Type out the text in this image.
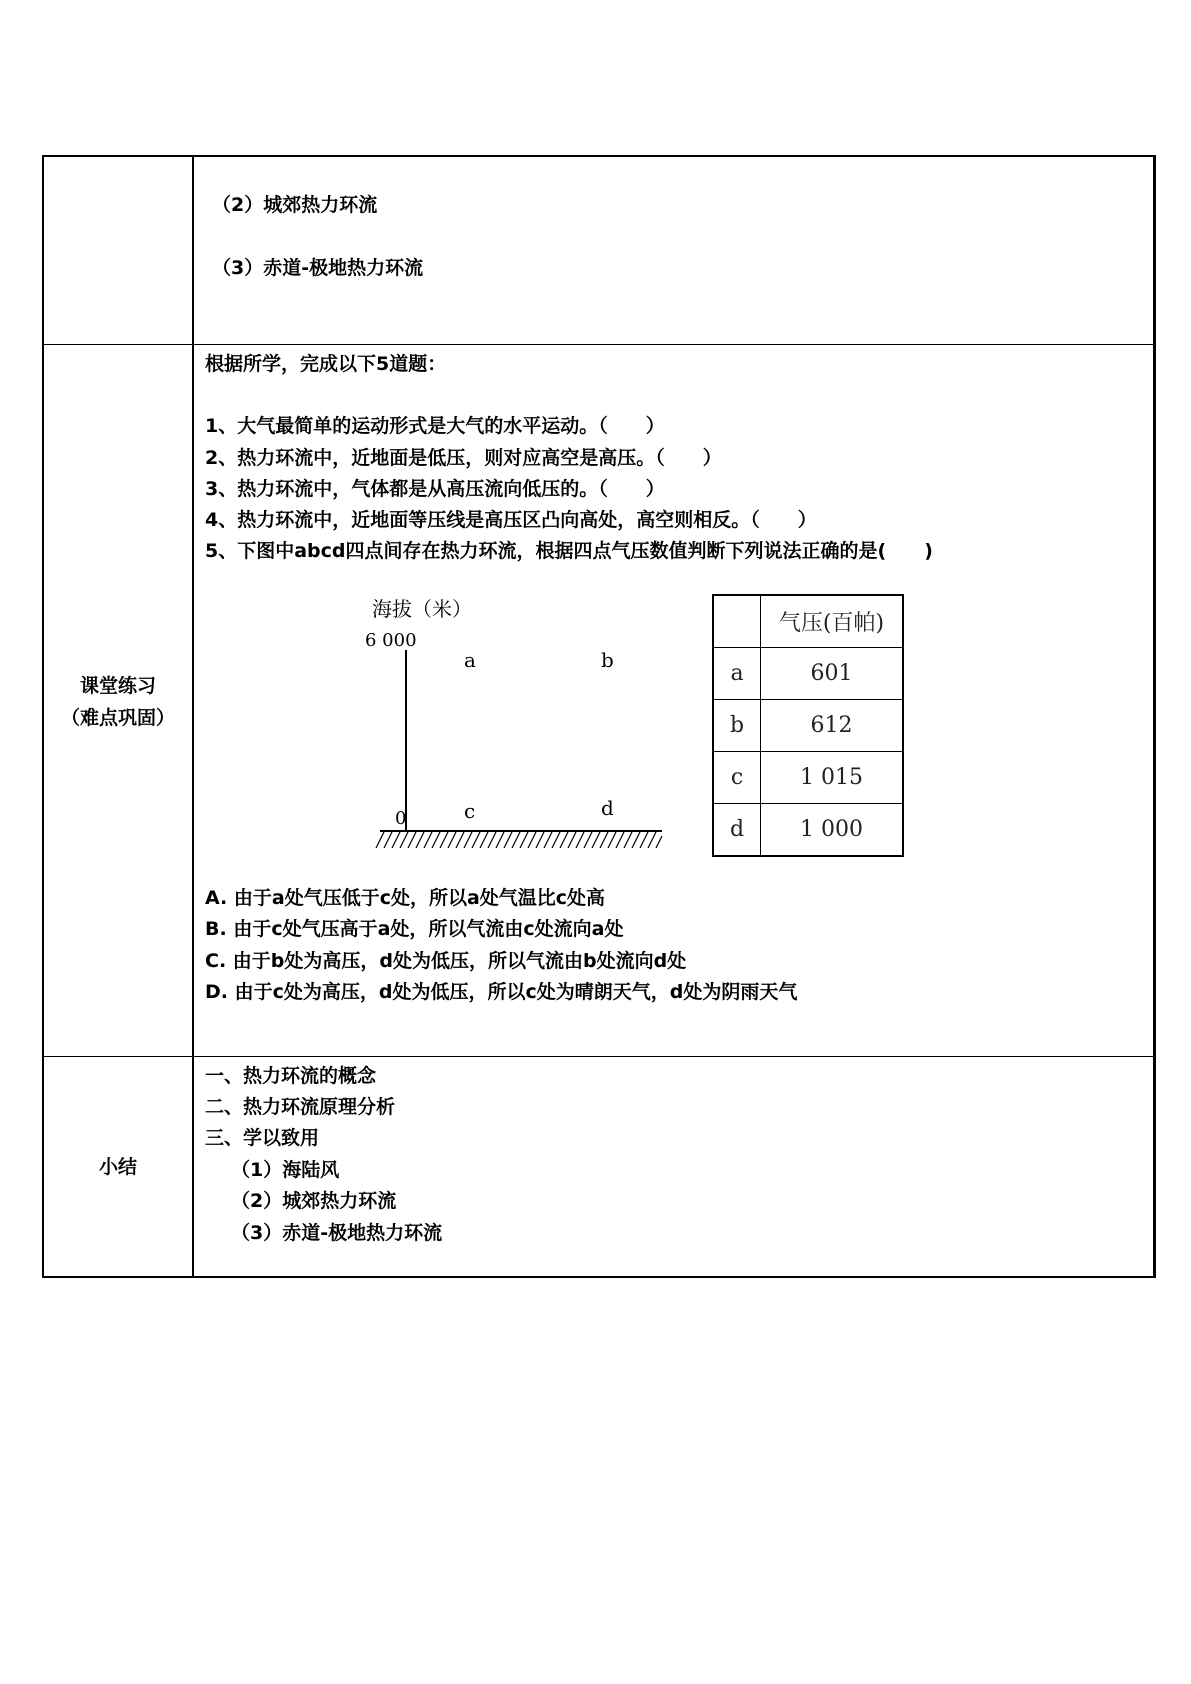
（2）城郊热力环流
（3）赤道-极地热力环流
课堂练习
（难点巩固）
根据所学，完成以下5道题：
1、大气最简单的运动形式是大气的水平运动。（　　）
2、热力环流中，近地面是低压，则对应高空是高压。（　　）
3、热力环流中，气体都是从高压流向低压的。（　　）
4、热力环流中，近地面等压线是高压区凸向高处，高空则相反。（　　）
5、下图中abcd四点间存在热力环流，根据四点气压数值判断下列说法正确的是(　　)
海拔（米）
6 000
0
a	b
c	d
	气压(百帕)
a	601
b	612
c	1 015
d	1 000
A. 由于a处气压低于c处，所以a处气温比c处高
B. 由于c处气压高于a处，所以气流由c处流向a处
C. 由于b处为高压，d处为低压，所以气流由b处流向d处
D. 由于c处为高压，d处为低压，所以c处为晴朗天气，d处为阴雨天气
小结
一、热力环流的概念
二、热力环流原理分析
三、学以致用
（1）海陆风
（2）城郊热力环流
（3）赤道-极地热力环流
